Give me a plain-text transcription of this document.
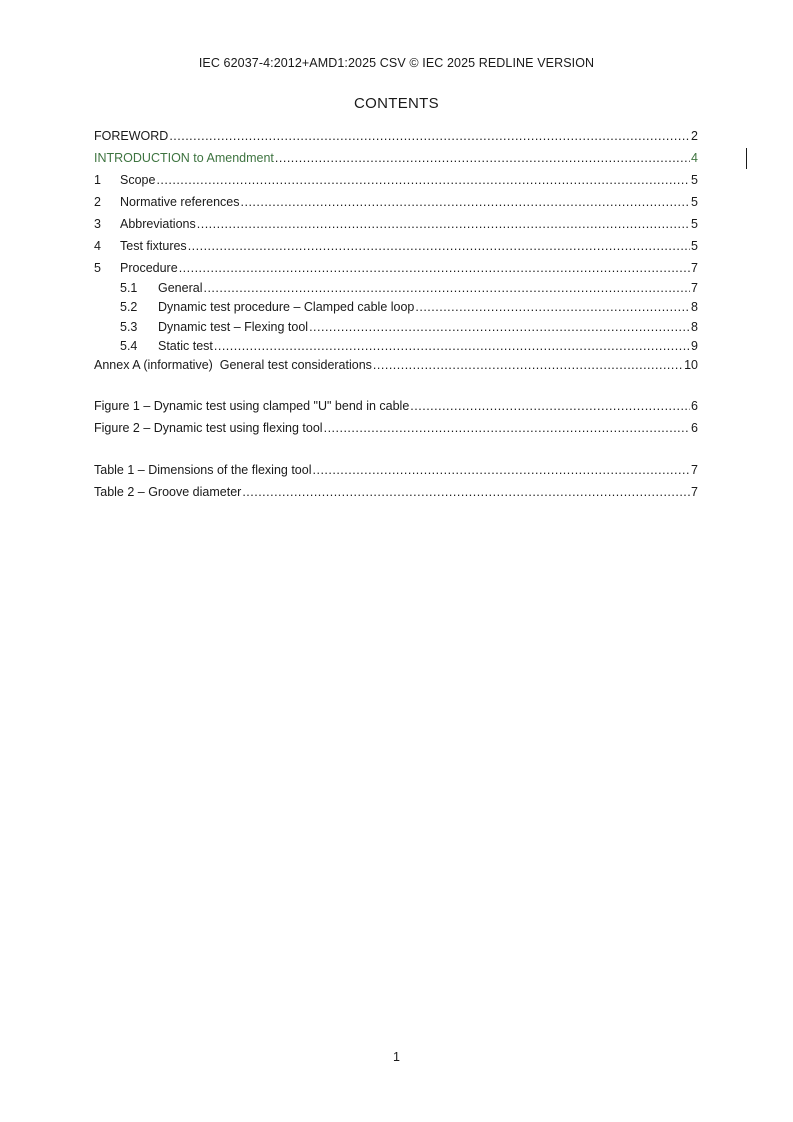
IEC 62037-4:2012+AMD1:2025 CSV © IEC 2025 REDLINE VERSION
CONTENTS
FOREWORD .....	2
INTRODUCTION to Amendment .....	4
1	Scope .....	5
2	Normative references .....	5
3	Abbreviations .....	5
4	Test fixtures .....	5
5	Procedure .....	7
5.1	General .....	7
5.2	Dynamic test procedure – Clamped cable loop .....	8
5.3	Dynamic test – Flexing tool .....	8
5.4	Static test .....	9
Annex A (informative)  General test considerations .....	10
Figure 1 – Dynamic test using clamped "U" bend in cable .....	6
Figure 2 – Dynamic test using flexing tool .....	6
Table 1 – Dimensions of the flexing tool .....	7
Table 2 – Groove diameter .....	7
1
